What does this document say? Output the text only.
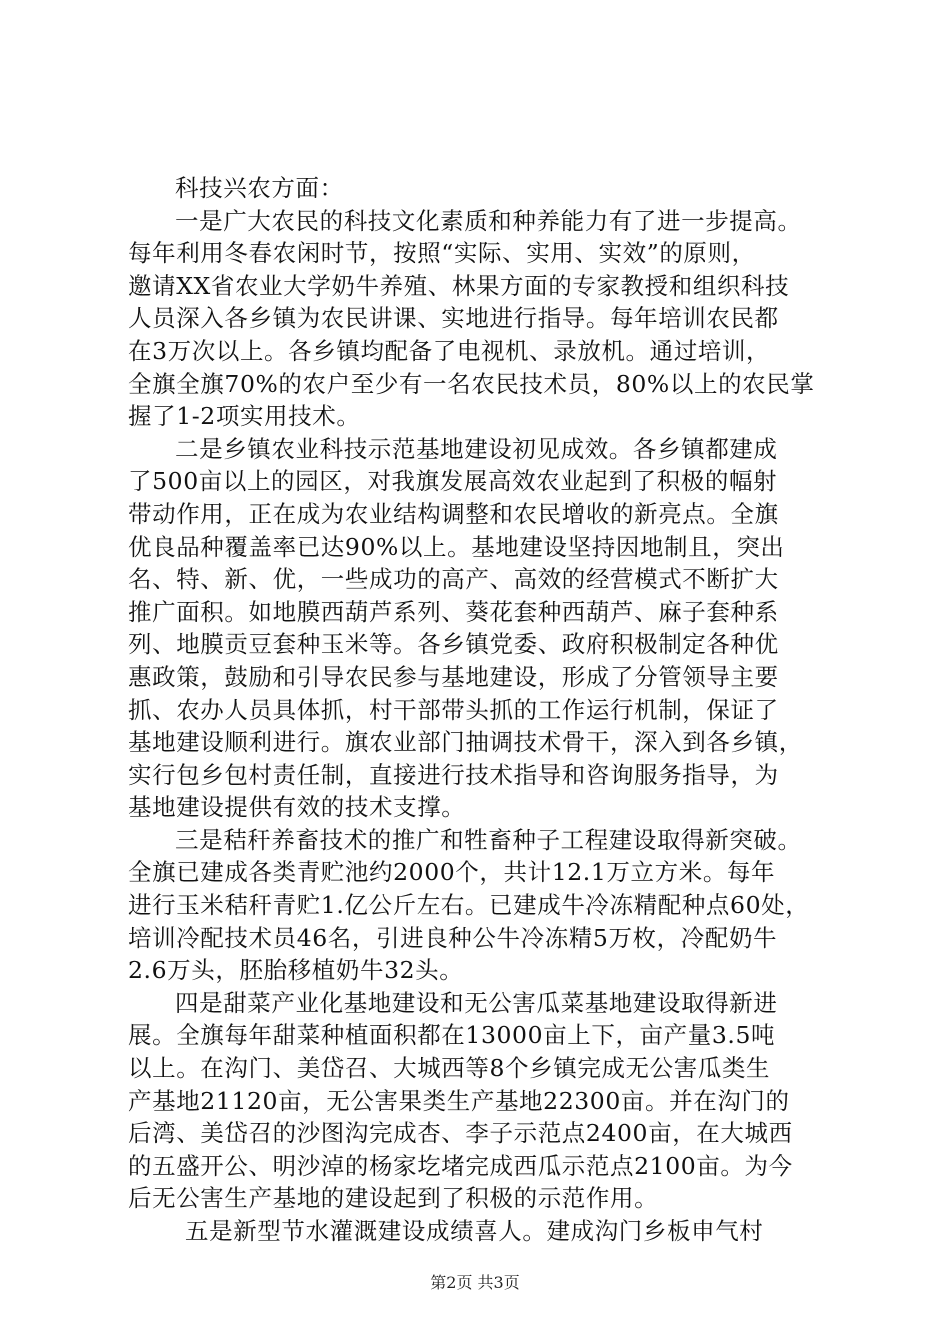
科技兴农方面：
一是广大农民的科技文化素质和种养能力有了进一步提高。
每年利用冬春农闲时节，按照“实际、实用、实效”的原则，
邀请XX省农业大学奶牛养殖、林果方面的专家教授和组织科技
人员深入各乡镇为农民讲课、实地进行指导。每年培训农民都
在3万次以上。各乡镇均配备了电视机、录放机。通过培训，
全旗全旗70%的农户至少有一名农民技术员，80%以上的农民掌
握了1-2项实用技术。
二是乡镇农业科技示范基地建设初见成效。各乡镇都建成
了500亩以上的园区，对我旗发展高效农业起到了积极的幅射
带动作用，正在成为农业结构调整和农民增收的新亮点。全旗
优良品种覆盖率已达90%以上。基地建设坚持因地制且，突出
名、特、新、优，一些成功的高产、高效的经营模式不断扩大
推广面积。如地膜西葫芦系列、葵花套种西葫芦、麻子套种系
列、地膜贡豆套种玉米等。各乡镇党委、政府积极制定各种优
惠政策，鼓励和引导农民参与基地建设，形成了分管领导主要
抓、农办人员具体抓，村干部带头抓的工作运行机制，保证了
基地建设顺利进行。旗农业部门抽调技术骨干，深入到各乡镇，
实行包乡包村责任制，直接进行技术指导和咨询服务指导，为
基地建设提供有效的技术支撑。
三是秸秆养畜技术的推广和牲畜种子工程建设取得新突破。
全旗已建成各类青贮池约2000个，共计12.1万立方米。每年
进行玉米秸秆青贮1.亿公斤左右。已建成牛冷冻精配种点60处，
培训冷配技术员46名，引进良种公牛冷冻精5万枚，冷配奶牛
2.6万头，胚胎移植奶牛32头。
四是甜菜产业化基地建设和无公害瓜菜基地建设取得新进
展。全旗每年甜菜种植面积都在13000亩上下，亩产量3.5吨
以上。在沟门、美岱召、大城西等8个乡镇完成无公害瓜类生
产基地21120亩，无公害果类生产基地22300亩。并在沟门的
后湾、美岱召的沙图沟完成杏、李子示范点2400亩，在大城西
的五盛开公、明沙淖的杨家圪堵完成西瓜示范点2100亩。为今
后无公害生产基地的建设起到了积极的示范作用。
五是新型节水灌溉建设成绩喜人。建成沟门乡板申气村
第2页 共3页
